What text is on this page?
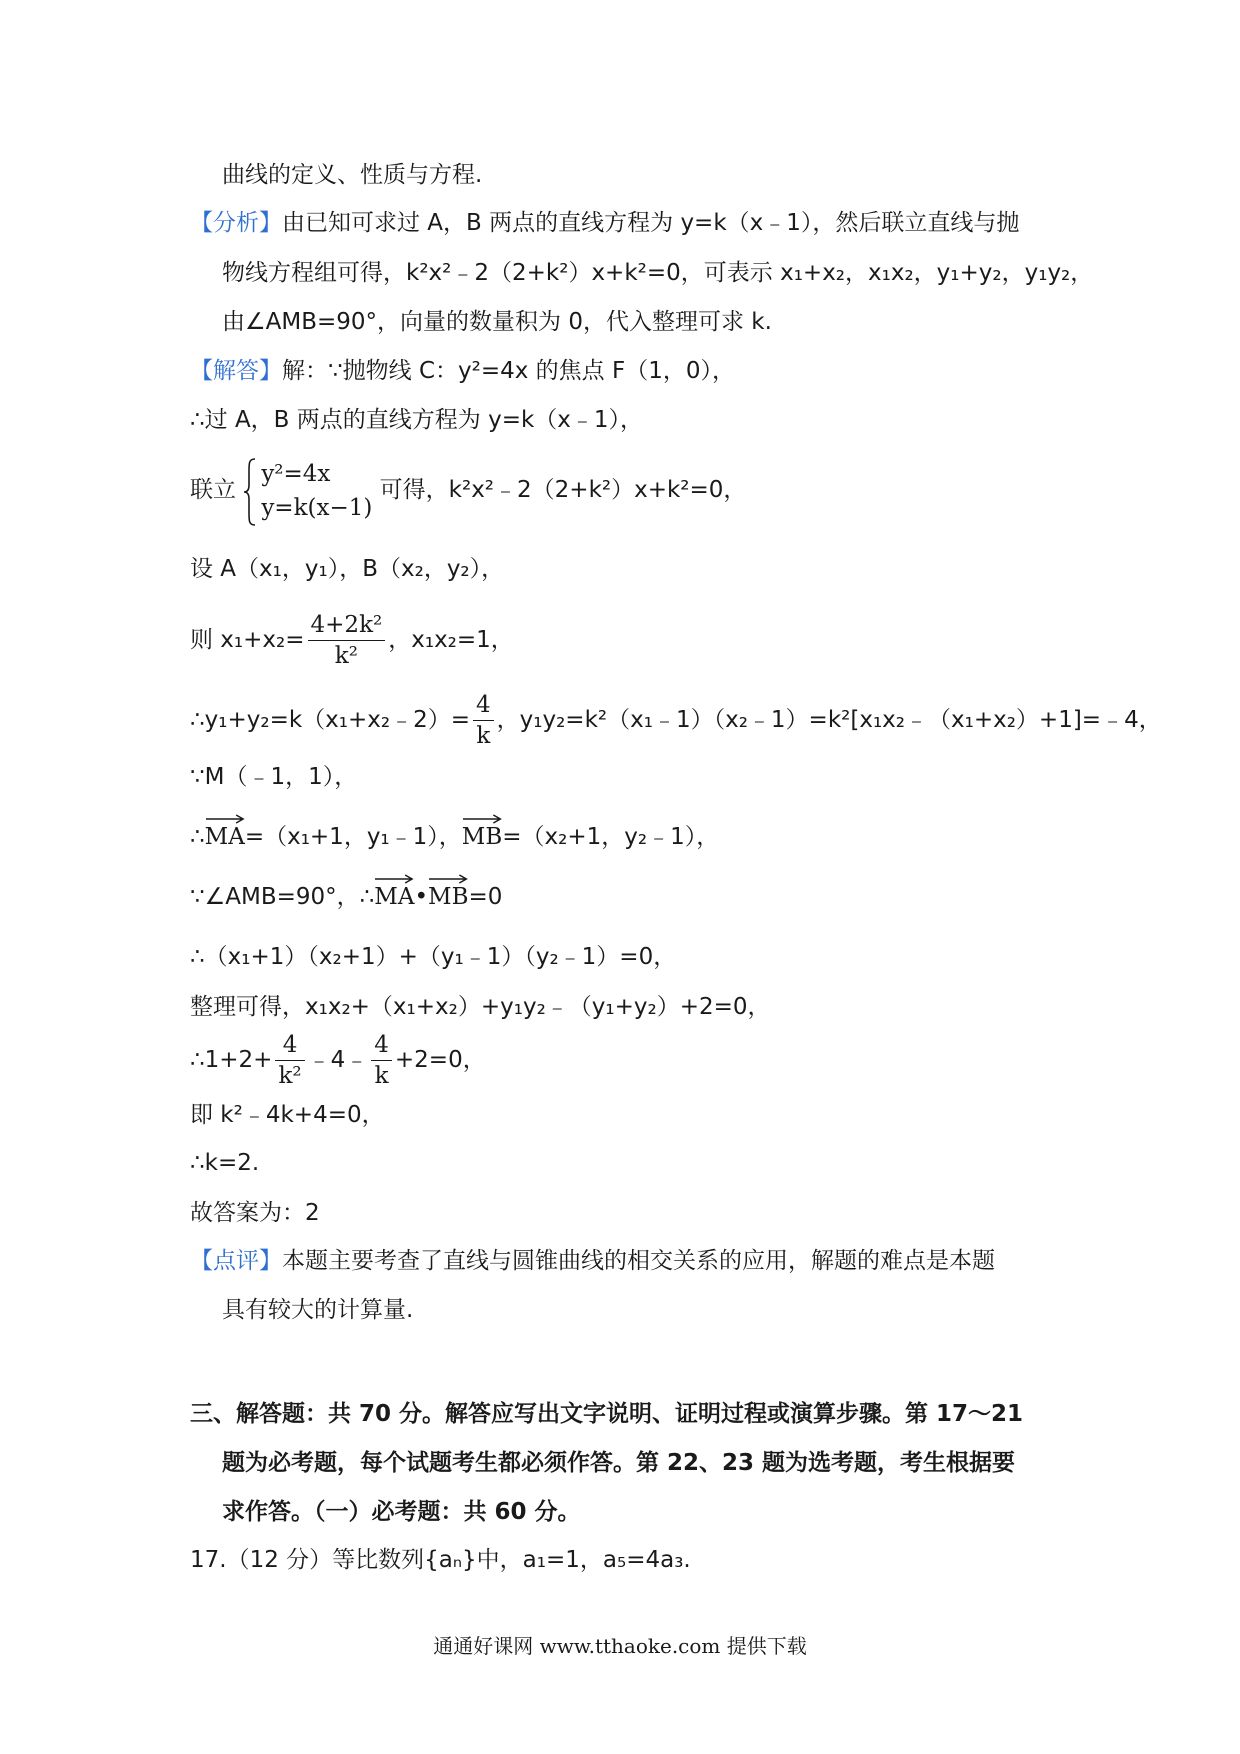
曲线的定义、性质与方程.
【分析】由已知可求过 A，B 两点的直线方程为 y=k（x﹣1），然后联立直线与抛
物线方程组可得，k²x²﹣2（2+k²）x+k²=0，可表示 x₁+x₂，x₁x₂，y₁+y₂，y₁y₂，
由∠AMB=90°，向量的数量积为 0，代入整理可求 k.
【解答】解：∵抛物线 C：y²=4x 的焦点 F（1，0），
∴过 A，B 两点的直线方程为 y=k（x﹣1），
联立
y²=4x
y=k(x−1)
可得，k²x²﹣2（2+k²）x+k²=0，
设 A（x₁，y₁），B（x₂，y₂），
则 $x_1+x_2= \frac{\text{4+2k²}}{\text{k²}}$ ，x₁x₂=1，
∴y₁+y₂=k（x₁+x₂﹣2）= $\frac{4}{k}$ ，y₁y₂=k²（x₁﹣1）（x₂﹣1）=k²[x₁x₂﹣（x₁+x₂）+1]=﹣4，
∵M（﹣1，1），
∴
MA=（x₁+1，y₁﹣1），
MB=（x₂+1，y₂﹣1），
∵∠AMB=90°，∴
MA•
MB=0
∴（x₁+1）（x₂+1）+（y₁﹣1）（y₂﹣1）=0，
整理可得，x₁x₂+（x₁+x₂）+y₁y₂﹣（y₁+y₂）+2=0，
∴1+2+ $\frac{4}{\text{k²}}$ ﹣4﹣ $\frac{4}{k} +2=0$，
即 k²﹣4k+4=0，
∴k=2.
故答案为：2
【点评】本题主要考查了直线与圆锥曲线的相交关系的应用，解题的难点是本题
具有较大的计算量.
三、解答题：共 70 分。解答应写出文字说明、证明过程或演算步骤。第 17～21
题为必考题，每个试题考生都必须作答。第 22、23 题为选考题，考生根据要
求作答。（一）必考题：共 60 分。
17.（12 分）等比数列{aₙ}中，a₁=1，a₅=4a₃.
通通好课网 www.tthaoke.com 提供下载
